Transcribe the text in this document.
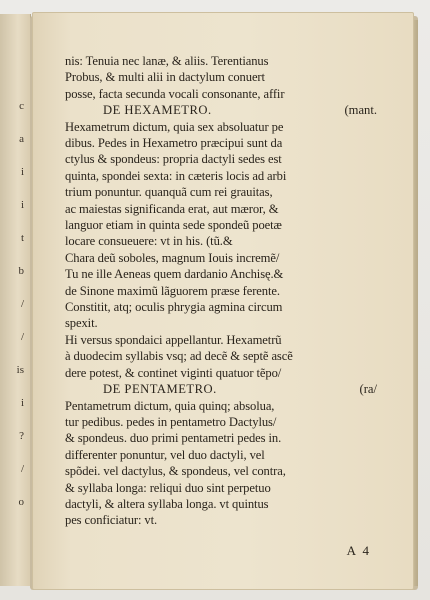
c
a
i
i
t
b
/
/
is
i
?
/
o
nis: Tenuia nec lanæ, & aliis. Terentianus
Probus, & multi alii in dactylum conuert
posse, facta secunda vocali consonante, affir
DE HEXAMETRO.	(mant.
Hexametrum dictum, quia sex absoluatur pe
dibus. Pedes in Hexametro præcipui sunt da
ctylus & spondeus: propria dactyli sedes est
quinta, spondei sexta: in cæteris locis ad arbi
trium ponuntur. quanquã cum rei grauitas,
ac maiestas significanda erat, aut mæror, &
languor etiam in quinta sede spondeũ poetæ
locare consueuere: vt in his. (tũ.&
Chara deũ soboles, magnum Iouis incremẽ/
Tu ne ille Aeneas quem dardanio Anchisę.&
de Sinone maximũ lãguorem præse ferente.
Constitit, atq; oculis phrygia agmina circum
spexit.
Hi versus spondaici appellantur. Hexametrũ
à duodecim syllabis vsq; ad decẽ & septẽ ascẽ
dere potest, & continet viginti quatuor tẽpo/
DE PENTAMETRO.	(ra/
Pentametrum dictum, quia quinq; absolua,
tur pedibus. pedes in pentametro Dactylus/
& spondeus. duo primi pentametri pedes in.
differenter ponuntur, vel duo dactyli, vel
spõdei. vel dactylus, & spondeus, vel contra,
& syllaba longa: reliqui duo sint perpetuo
dactyli, & altera syllaba longa. vt quintus
pes conficiatur: vt.
A 4
